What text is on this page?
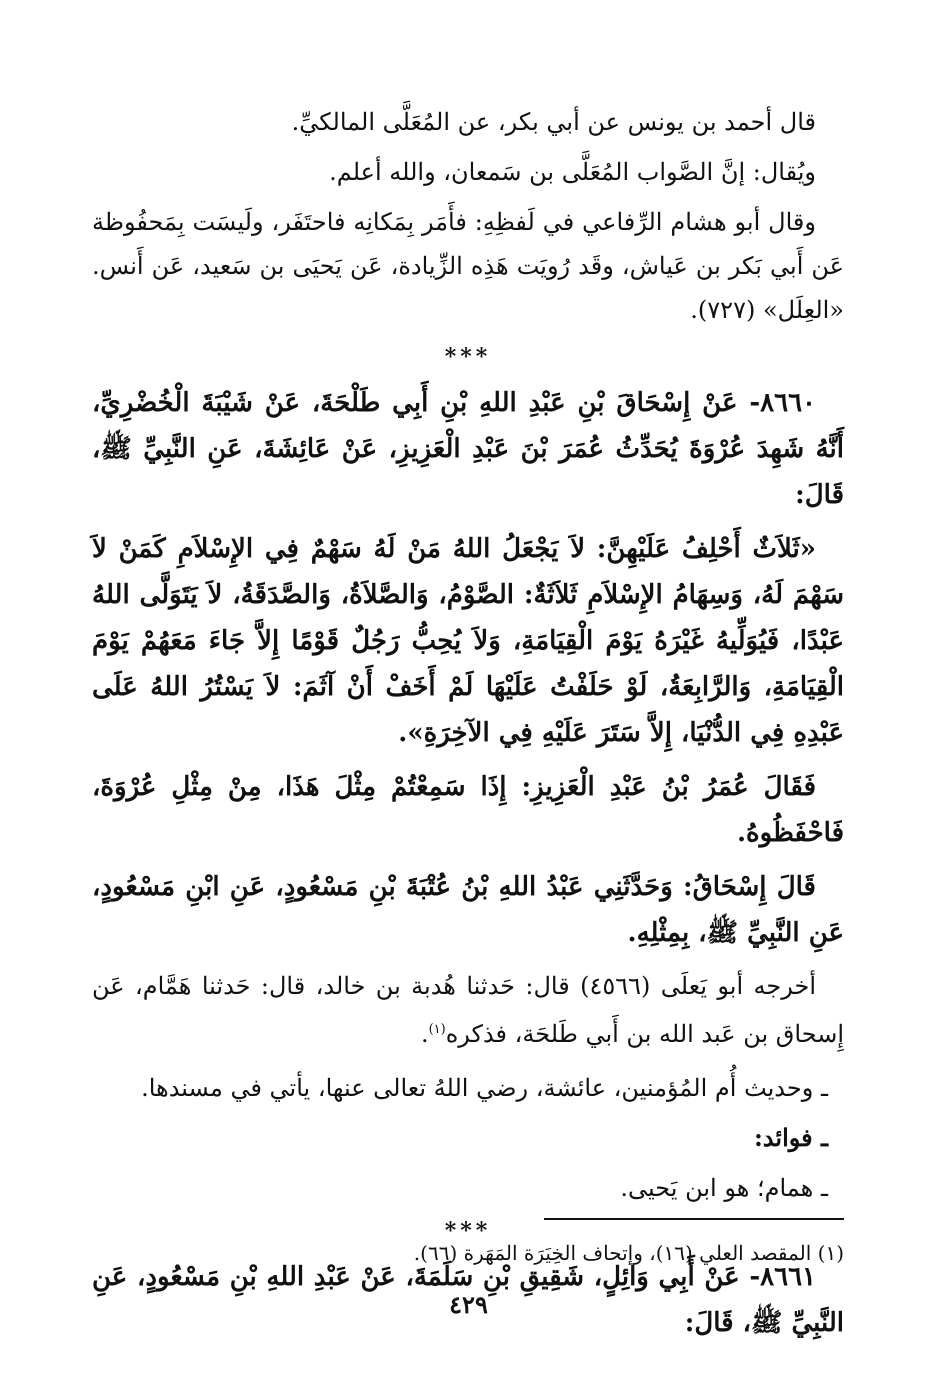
قال أحمد بن يونس عن أبي بكر، عن المُعَلَّى المالكيِّ.

ويُقال: إنَّ الصَّواب المُعَلَّى بن سَمعان، والله أعلم.

وقال أبو هشام الرِّفاعي في لَفظِهِ: فأَمَر بِمَكانِه فاحتَفَر، ولَيسَت بِمَحفُوظة عَن أَبي بَكر بن عَياش، وقَد رُويَت هَذِه الزِّيادة، عَن يَحيَى بن سَعيد، عَن أَنس. «العِلَل» (٧٢٧).

***

٨٦٦٠- عَنْ إِسْحَاقَ بْنِ عَبْدِ اللهِ بْنِ أَبِي طَلْحَةَ، عَنْ شَيْبَةَ الْخُضْرِيِّ، أَنَّهُ شَهِدَ عُرْوَةَ يُحَدِّثُ عُمَرَ بْنَ عَبْدِ الْعَزِيزِ، عَنْ عَائِشَةَ، عَنِ النَّبِيِّ ﷺ، قَالَ:

«ثَلاَثٌ أَحْلِفُ عَلَيْهِنَّ: لاَ يَجْعَلُ اللهُ مَنْ لَهُ سَهْمٌ فِي الإِسْلاَمِ كَمَنْ لاَ سَهْمَ لَهُ، وَسِهَامُ الإِسْلاَمِ ثَلاَثَةٌ: الصَّوْمُ، وَالصَّلاَةُ، وَالصَّدَقَةُ، لاَ يَتَوَلَّى اللهُ عَبْدًا، فَيُوَلِّيهُ غَيْرَهُ يَوْمَ الْقِيَامَةِ، وَلاَ يُحِبُّ رَجُلٌ قَوْمًا إِلاَّ جَاءَ مَعَهُمْ يَوْمَ الْقِيَامَةِ، وَالرَّابِعَةُ، لَوْ حَلَفْتُ عَلَيْهَا لَمْ أَخَفْ أَنْ آثَمَ: لاَ يَسْتُرُ اللهُ عَلَى عَبْدِهِ فِي الدُّنْيَا، إِلاَّ سَتَرَ عَلَيْهِ فِي الآخِرَةِ».

فَقَالَ عُمَرُ بْنُ عَبْدِ الْعَزِيزِ: إِذَا سَمِعْتُمْ مِثْلَ هَذَا، مِنْ مِثْلِ عُرْوَةَ، فَاحْفَظُوهُ.

قَالَ إِسْحَاقُ: وَحَدَّثَنِي عَبْدُ اللهِ بْنُ عُتْبَةَ بْنِ مَسْعُودٍ، عَنِ ابْنِ مَسْعُودٍ، عَنِ النَّبِيِّ ﷺ، بِمِثْلِهِ.

أخرجه أبو يَعلَى (٤٥٦٦) قال: حَدثنا هُدبة بن خالد، قال: حَدثنا هَمَّام، عَن إِسحاق بن عَبد الله بن أَبي طَلحَة، فذكره$^{(١)}$.

ـ وحديث أُم المُؤمنين، عائشة، رضي اللهُ تعالى عنها، يأتي في مسندها.

ـ فوائد:

ـ همام؛ هو ابن يَحيى.

***

٨٦٦١- عَنْ أَبِي وَائِلٍ، شَقِيقِ بْنِ سَلَمَةَ، عَنْ عَبْدِ اللهِ بْنِ مَسْعُودٍ، عَنِ النَّبِيِّ ﷺ، قَالَ:

(١) المقصد العلي (١٦)، وإتحاف الخِيَرَة المَهَرة (٦٦).
٤٢٩
